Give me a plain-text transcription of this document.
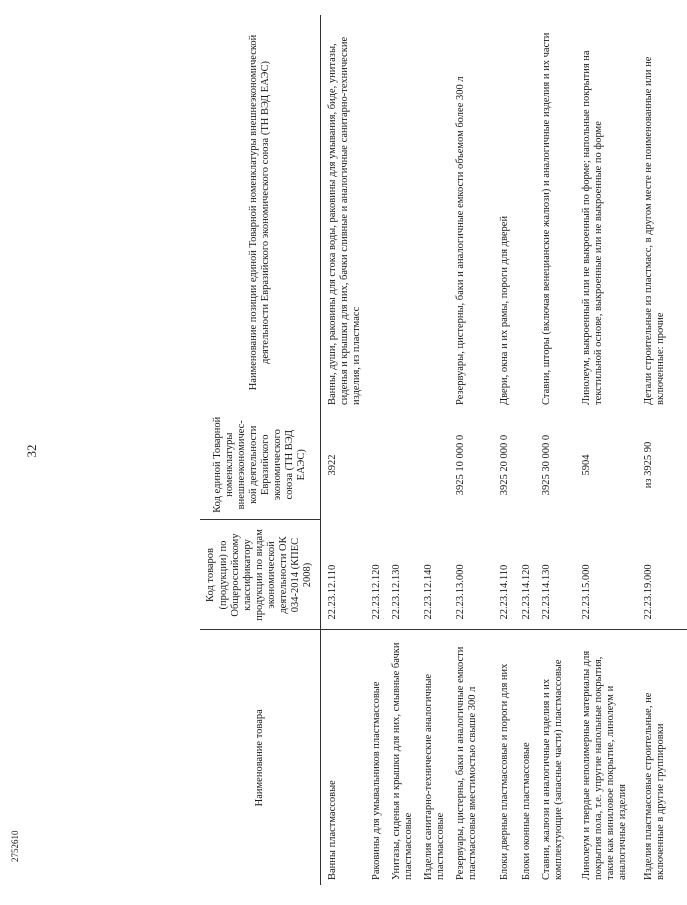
32
2752610
Наименование товара	Код товаров (продукции) по Общероссийскому классификатору продукции по видам экономической деятельности ОК 034-2014 (КПЕС 2008)	Код единой Товарной номенклатуры внешнеэкономичес-кой деятельности Евразийского экономического союза (ТН ВЭД ЕАЭС)	Наименование позиции единой Товарной номенклатуры внешнеэкономической деятельности Евразийского экономического союза (ТН ВЭД ЕАЭС)
Ванны пластмассовые	22.23.12.110	3922	Ванны, души, раковины для стока воды, раковины для умывания, биде, унитазы, сиденья и крышки для них, бачки сливные и аналогичные санитарно-технические изделия, из пластмасс
Раковины для умывальников пластмассовые	22.23.12.120		
Унитазы, сиденья и крышки для них, смывные бачки пластмассовые	22.23.12.130		
Изделия санитарно-технические аналогичные пластмассовые	22.23.12.140		
Резервуары, цистерны, баки и аналогичные емкости пластмассовые вместимостью свыше 300 л	22.23.13.000	3925 10 000 0	Резервуары, цистерны, баки и аналогичные емкости объемом более 300 л
Блоки дверные пластмассовые и пороги для них	22.23.14.110	3925 20 000 0	Двери, окна и их рамы, пороги для дверей
Блоки оконные пластмассовые	22.23.14.120		
Ставни, жалюзи и аналогичные изделия и их комплектующие (запасные части) пластмассовые	22.23.14.130	3925 30 000 0	Ставни, шторы (включая венецианские жалюзи) и аналогичные изделия и их части
Линолеум и твердые неполимерные материалы для покрытия пола, т.е. упругие напольные покрытия, такие как виниловое покрытие, линолеум и аналогичные изделия	22.23.15.000	5904	Линолеум, выкроенный или не выкроенный по форме; напольные покрытия на текстильной основе, выкроенные или не выкроенные по форме
Изделия пластмассовые строительные, не включенные в другие группировки	22.23.19.000	из 3925 90	Детали строительные из пластмасс, в другом месте не поименованные или не включенные: прочие
